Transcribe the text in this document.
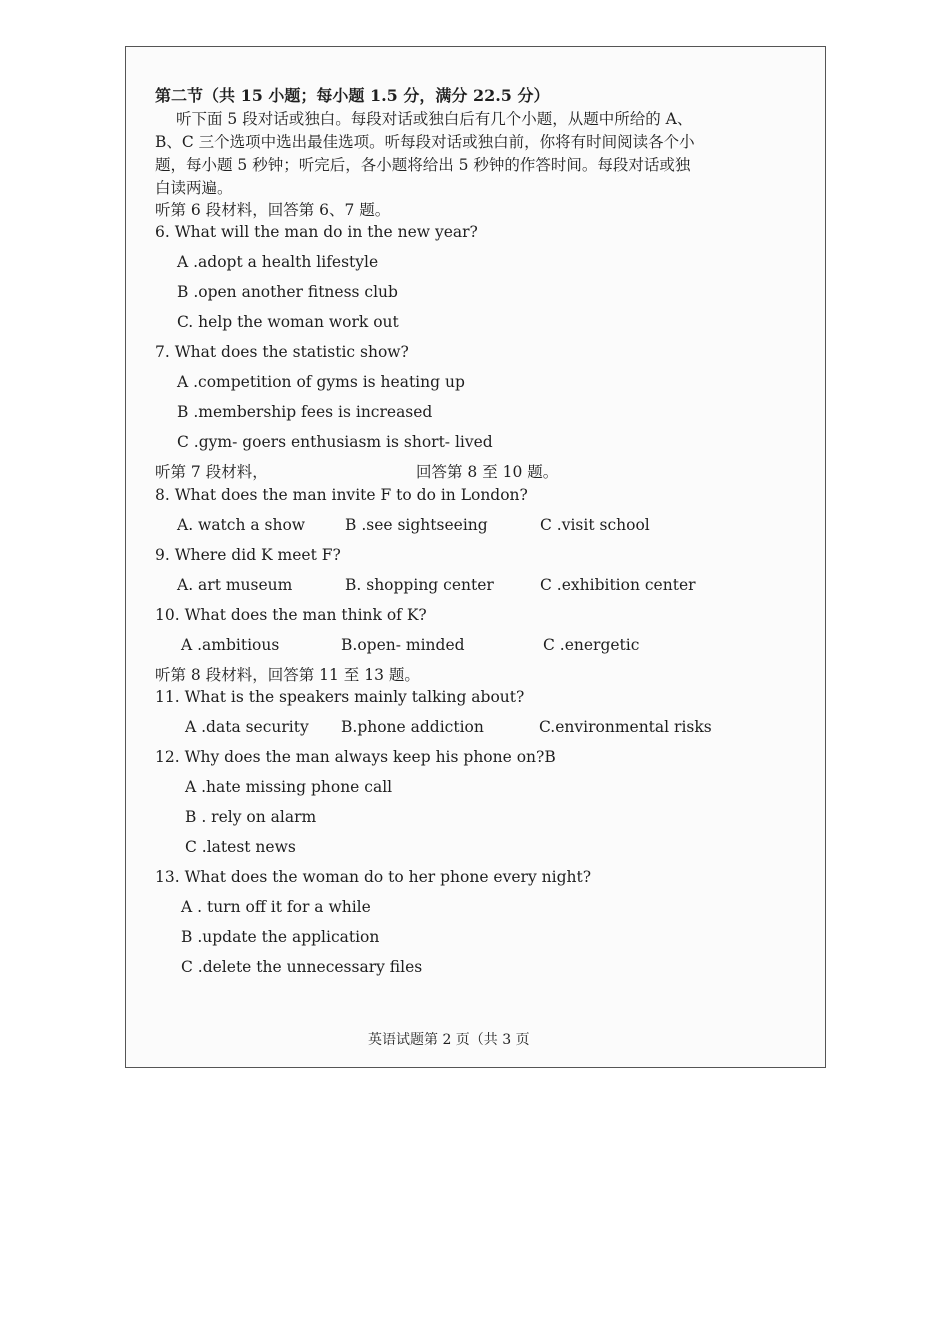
第二节（共 15 小题；每小题 1.5 分，满分 22.5 分）
听下面 5 段对话或独白。每段对话或独白后有几个小题，从题中所给的 A、
B、C 三个选项中选出最佳选项。听每段对话或独白前，你将有时间阅读各个小
题，每小题 5 秒钟；听完后，各小题将给出 5 秒钟的作答时间。每段对话或独
白读两遍。
听第 6 段材料，回答第 6、7 题。
6. What will the man do in the new year?
A .adopt a health lifestyle
B .open another fitness club
C. help the woman work out
7. What does the statistic show?
A .competition of gyms is heating up
B .membership fees is increased
C .gym- goers enthusiasm is short- lived
听第 7 段材料，	回答第 8 至 10 题。
8. What does the man invite F to do in London?
A. watch a show	B .see sightseeing	C .visit school
9. Where did K meet F?
A. art museum	B. shopping center	C .exhibition center
10. What does the man think of K?
A .ambitious	B.open- minded	C .energetic
听第 8 段材料，回答第 11 至 13 题。
11. What is the speakers mainly talking about?
A .data security B.phone addiction	C.environmental risks
12. Why does the man always keep his phone on?B
A .hate missing phone call
B . rely on alarm
C .latest news
13. What does the woman do to her phone every night?
A . turn off it for a while
B .update the application
C .delete the unnecessary files
英语试题第 2 页（共 3 页
